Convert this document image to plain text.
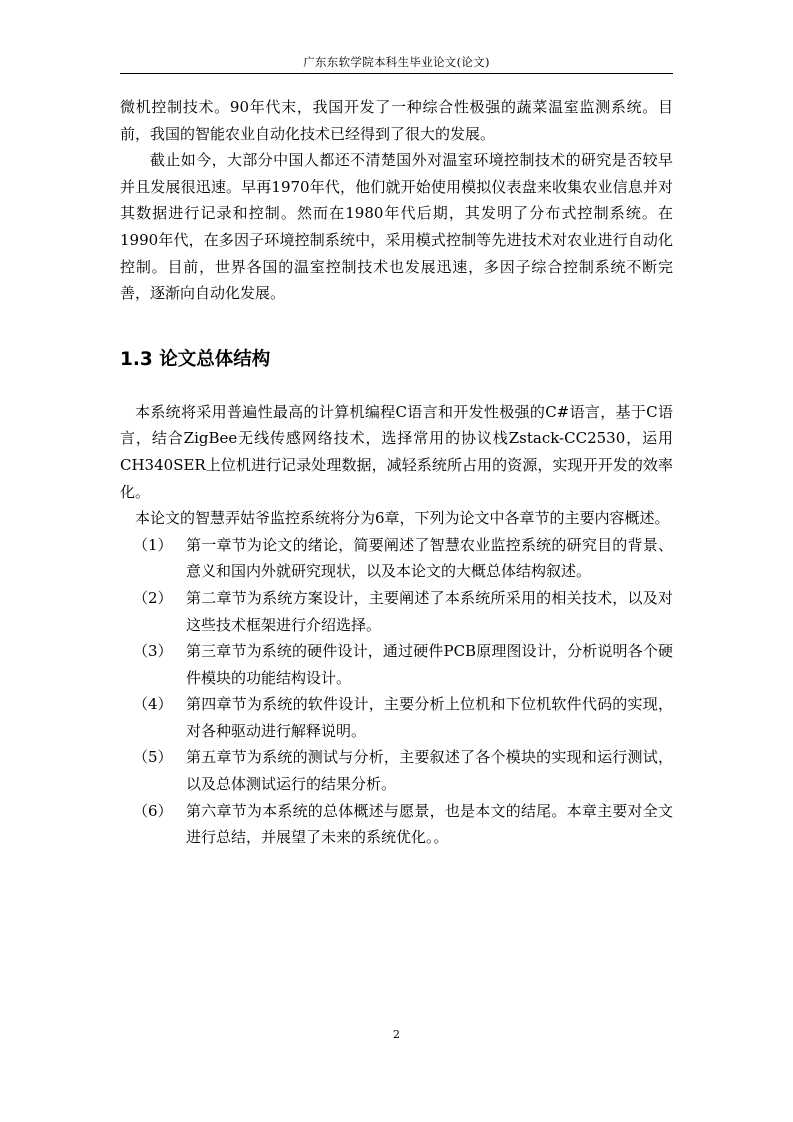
广东东软学院本科生毕业论文(论文)

微机控制技术。90年代末，我国开发了一种综合性极强的蔬菜温室监测系统。目前，我国的智能农业自动化技术已经得到了很大的发展。

截止如今，大部分中国人都还不清楚国外对温室环境控制技术的研究是否较早并且发展很迅速。早再1970年代，他们就开始使用模拟仪表盘来收集农业信息并对其数据进行记录和控制。然而在1980年代后期，其发明了分布式控制系统。在1990年代，在多因子环境控制系统中，采用模式控制等先进技术对农业进行自动化控制。目前，世界各国的温室控制技术也发展迅速，多因子综合控制系统不断完善，逐渐向自动化发展。

1.3 论文总体结构

本系统将采用普遍性最高的计算机编程C语言和开发性极强的C#语言，基于C语言，结合ZigBee无线传感网络技术，选择常用的协议栈Zstack-CC2530，运用CH340SER上位机进行记录处理数据，减轻系统所占用的资源，实现开开发的效率化。

本论文的智慧弄姑爷监控系统将分为6章，下列为论文中各章节的主要内容概述。

（1） 第一章节为论文的绪论，简要阐述了智慧农业监控系统的研究目的背景、意义和国内外就研究现状，以及本论文的大概总体结构叙述。
（2） 第二章节为系统方案设计，主要阐述了本系统所采用的相关技术，以及对这些技术框架进行介绍选择。
（3） 第三章节为系统的硬件设计，通过硬件PCB原理图设计，分析说明各个硬件模块的功能结构设计。
（4） 第四章节为系统的软件设计，主要分析上位机和下位机软件代码的实现，对各种驱动进行解释说明。
（5） 第五章节为系统的测试与分析，主要叙述了各个模块的实现和运行测试，以及总体测试运行的结果分析。
（6） 第六章节为本系统的总体概述与愿景，也是本文的结尾。本章主要对全文进行总结，并展望了未来的系统优化。。
2
